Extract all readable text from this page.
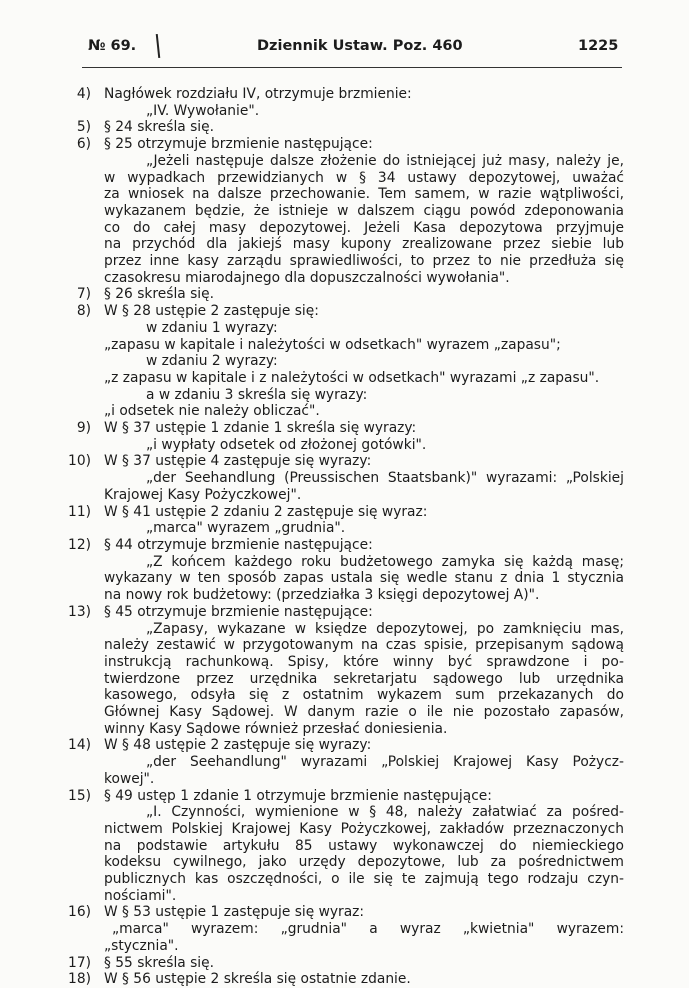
№ 69.	Dziennik Ustaw. Poz. 460	1225
4) Nagłówek rozdziału IV, otrzymuje brzmienie:
„IV. Wywołanie".
5) § 24 skreśla się.
6) § 25 otrzymuje brzmienie następujące:
„Jeżeli następuje dalsze złożenie do istniejącej już masy, należy je,
w wypadkach przewidzianych w § 34 ustawy depozytowej, uważać
za wniosek na dalsze przechowanie. Tem samem, w razie wątpliwości,
wykazanem będzie, że istnieje w dalszem ciągu powód zdeponowania
co do całej masy depozytowej. Jeżeli Kasa depozytowa przyjmuje
na przychód dla jakiejś masy kupony zrealizowane przez siebie lub
przez inne kasy zarządu sprawiedliwości, to przez to nie przedłuża się
czasokresu miarodajnego dla dopuszczalności wywołania".
7) § 26 skreśla się.
8) W § 28 ustępie 2 zastępuje się:
w zdaniu 1 wyrazy:
„zapasu w kapitale i należytości w odsetkach" wyrazem „zapasu";
w zdaniu 2 wyrazy:
„z zapasu w kapitale i z należytości w odsetkach" wyrazami „z zapasu".
a w zdaniu 3 skreśla się wyrazy:
„i odsetek nie należy obliczać".
9) W § 37 ustępie 1 zdanie 1 skreśla się wyrazy:
„i wypłaty odsetek od złożonej gotówki".
10) W § 37 ustępie 4 zastępuje się wyrazy:
„der Seehandlung (Preussischen Staatsbank)" wyrazami: „Polskiej
Krajowej Kasy Pożyczkowej".
11) W § 41 ustępie 2 zdaniu 2 zastępuje się wyraz:
„marca" wyrazem „grudnia".
12) § 44 otrzymuje brzmienie następujące:
„Z końcem każdego roku budżetowego zamyka się każdą masę;
wykazany w ten sposób zapas ustala się wedle stanu z dnia 1 stycznia
na nowy rok budżetowy: (przedziałka 3 księgi depozytowej A)".
13) § 45 otrzymuje brzmienie następujące:
„Zapasy, wykazane w księdze depozytowej, po zamknięciu mas,
należy zestawić w przygotowanym na czas spisie, przepisanym sądową
instrukcją rachunkową. Spisy, które winny być sprawdzone i po-
twierdzone przez urzędnika sekretarjatu sądowego lub urzędnika
kasowego, odsyła się z ostatnim wykazem sum przekazanych do
Głównej Kasy Sądowej. W danym razie o ile nie pozostało zapasów,
winny Kasy Sądowe również przesłać doniesienia.
14) W § 48 ustępie 2 zastępuje się wyrazy:
„der Seehandlung" wyrazami „Polskiej Krajowej Kasy Pożycz-
kowej".
15) § 49 ustęp 1 zdanie 1 otrzymuje brzmienie następujące:
„I. Czynności, wymienione w § 48, należy załatwiać za pośred-
nictwem Polskiej Krajowej Kasy Pożyczkowej, zakładów przeznaczonych
na podstawie artykułu 85 ustawy wykonawczej do niemieckiego
kodeksu cywilnego, jako urzędy depozytowe, lub za pośrednictwem
publicznych kas oszczędności, o ile się te zajmują tego rodzaju czyn-
nościami".
16) W § 53 ustępie 1 zastępuje się wyraz:
„marca" wyrazem: „grudnia" a wyraz „kwietnia" wyrazem:
„stycznia".
17) § 55 skreśla się.
18) W § 56 ustępie 2 skreśla się ostatnie zdanie.
